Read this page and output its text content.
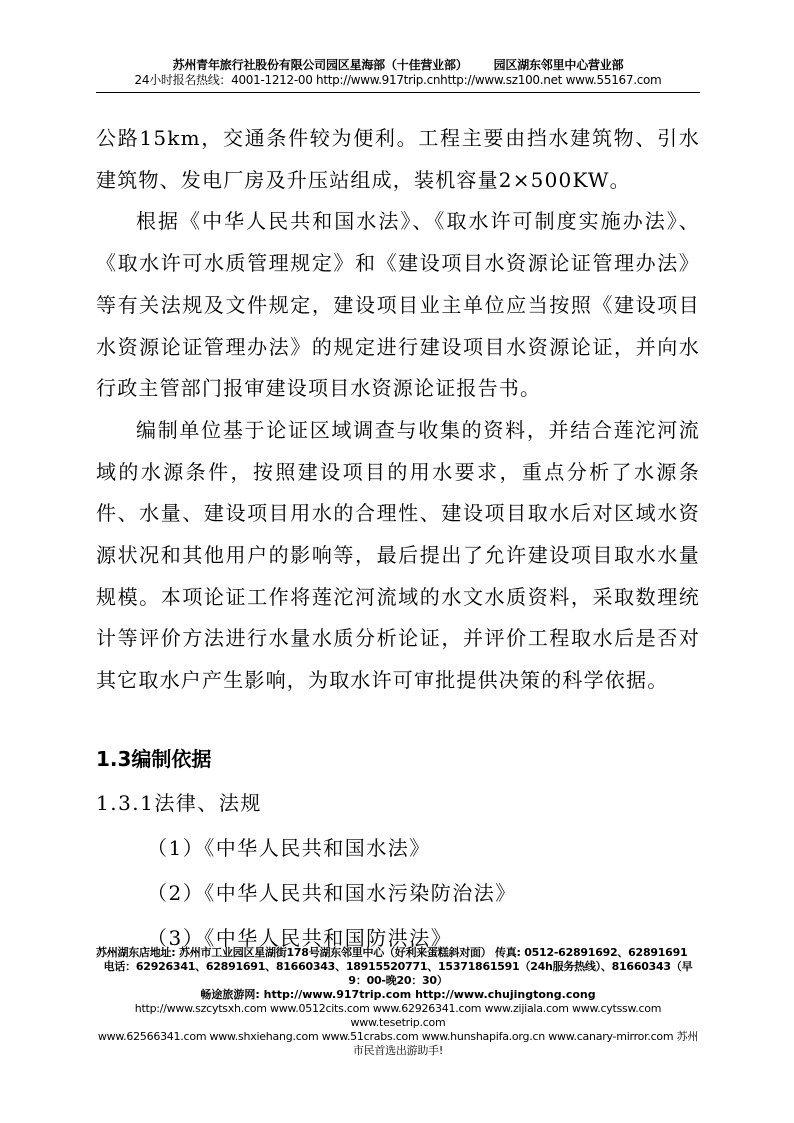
苏州青年旅行社股份有限公司园区星海部（十佳营业部） 园区湖东邻里中心营业部
24小时报名热线：4001-1212-00 http://www.917trip.cnhttp://www.sz100.net www.55167.com

公路15km，交通条件较为便利。工程主要由挡水建筑物、引水建筑物、发电厂房及升压站组成，装机容量2×500KW。

根据《中华人民共和国水法》、《取水许可制度实施办法》、《取水许可水质管理规定》和《建设项目水资源论证管理办法》等有关法规及文件规定，建设项目业主单位应当按照《建设项目水资源论证管理办法》的规定进行建设项目水资源论证，并向水行政主管部门报审建设项目水资源论证报告书。

编制单位基于论证区域调查与收集的资料，并结合莲沱河流域的水源条件，按照建设项目的用水要求，重点分析了水源条件、水量、建设项目用水的合理性、建设项目取水后对区域水资源状况和其他用户的影响等，最后提出了允许建设项目取水水量规模。本项论证工作将莲沱河流域的水文水质资料，采取数理统计等评价方法进行水量水质分析论证，并评价工程取水后是否对其它取水户产生影响，为取水许可审批提供决策的科学依据。

1.3编制依据
1.3.1法律、法规
（1）《中华人民共和国水法》
（2）《中华人民共和国水污染防治法》
（3）《中华人民共和国防洪法》
苏州湖东店地址: 苏州市工业园区星湖街178号湖东邻里中心（好利来蛋糕斜对面） 传真: 0512-62891692、62891691
电话：62926341、62891691、81660343、18915520771、15371861591（24h服务热线）、81660343（早9：00-晚20：30）
畅途旅游网: http://www.917trip.com http://www.chujingtong.cong
http://www.szcytsxh.com www.0512cits.com www.62926341.com www.zijiala.com www.cytssw.com www.tesetrip.com
www.62566341.com www.shxiehang.com www.51crabs.com www.hunshapifa.org.cn www.canary-mirror.com 苏州市民首选出游助手!
